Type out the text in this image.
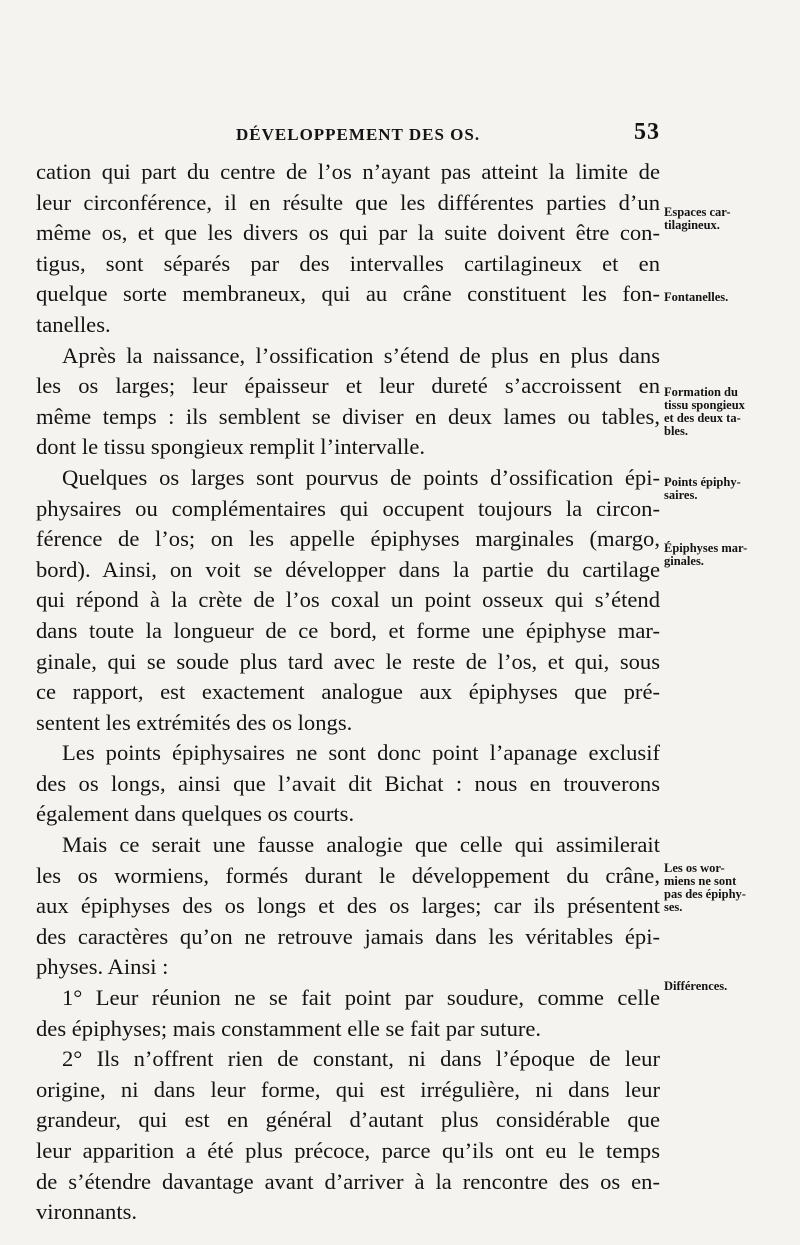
DÉVELOPPEMENT DES OS.	53
cation qui part du centre de l’os n’ayant pas atteint la limite de
leur circonférence, il en résulte que les différentes parties d’un
même os, et que les divers os qui par la suite doivent être con-
tigus, sont séparés par des intervalles cartilagineux et en
quelque sorte membraneux, qui au crâne constituent les fon-
tanelles.
Après la naissance, l’ossification s’étend de plus en plus dans
les os larges; leur épaisseur et leur dureté s’accroissent en
même temps : ils semblent se diviser en deux lames ou tables,
dont le tissu spongieux remplit l’intervalle.
Quelques os larges sont pourvus de points d’ossification épi-
physaires ou complémentaires qui occupent toujours la circon-
férence de l’os; on les appelle épiphyses marginales (margo,
bord). Ainsi, on voit se développer dans la partie du cartilage
qui répond à la crète de l’os coxal un point osseux qui s’étend
dans toute la longueur de ce bord, et forme une épiphyse mar-
ginale, qui se soude plus tard avec le reste de l’os, et qui, sous
ce rapport, est exactement analogue aux épiphyses que pré-
sentent les extrémités des os longs.
Les points épiphysaires ne sont donc point l’apanage exclusif
des os longs, ainsi que l’avait dit Bichat : nous en trouverons
également dans quelques os courts.
Mais ce serait une fausse analogie que celle qui assimilerait
les os wormiens, formés durant le développement du crâne,
aux épiphyses des os longs et des os larges; car ils présentent
des caractères qu’on ne retrouve jamais dans les véritables épi-
physes. Ainsi :
1° Leur réunion ne se fait point par soudure, comme celle
des épiphyses; mais constamment elle se fait par suture.
2° Ils n’offrent rien de constant, ni dans l’époque de leur
origine, ni dans leur forme, qui est irrégulière, ni dans leur
grandeur, qui est en général d’autant plus considérable que
leur apparition a été plus précoce, parce qu’ils ont eu le temps
de s’étendre davantage avant d’arriver à la rencontre des os en-
vironnants.
Espaces car-
tilagineux.
Fontanelles.
Formation du
tissu spongieux
et des deux ta-
bles.
Points épiphy-
saires.
Épiphyses mar-
ginales.
Les os wor-
miens ne sont
pas des épiphy-
ses.
Différences.
